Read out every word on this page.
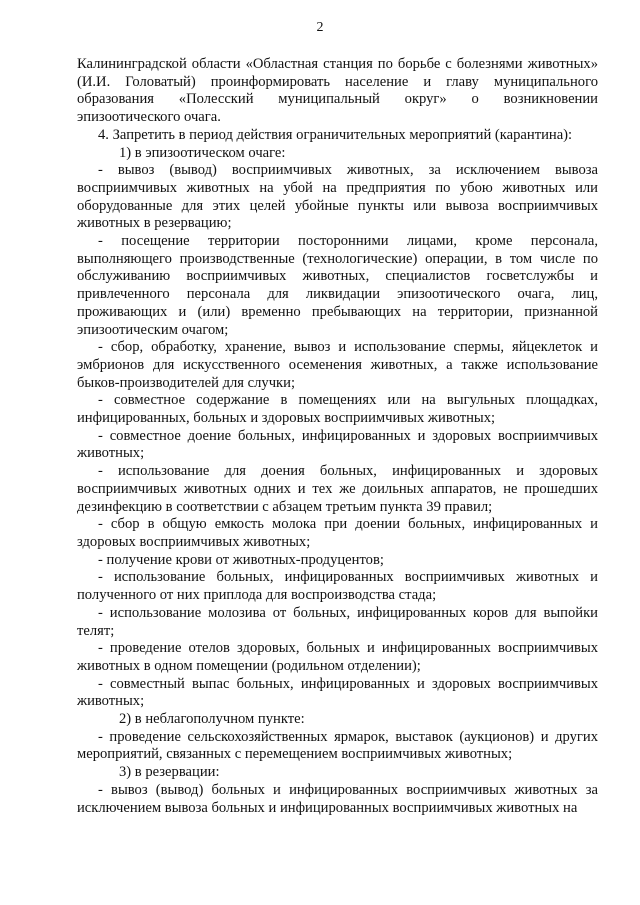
2

Калининградской области «Областная станция по борьбе с болезнями животных» (И.И. Головатый) проинформировать население и главу муниципального образования «Полесский муниципальный округ» о возникновении эпизоотического очага.

4. Запретить в период действия ограничительных мероприятий (карантина):

1) в эпизоотическом очаге:

- вывоз (вывод) восприимчивых животных, за исключением вывоза восприимчивых животных на убой на предприятия по убою животных или оборудованные для этих целей убойные пункты или вывоза восприимчивых животных в резервацию;

- посещение территории посторонними лицами, кроме персонала, выполняющего производственные (технологические) операции, в том числе по обслуживанию восприимчивых животных, специалистов госветслужбы и привлеченного персонала для ликвидации эпизоотического очага, лиц, проживающих и (или) временно пребывающих на территории, признанной эпизоотическим очагом;

- сбор, обработку, хранение, вывоз и использование спермы, яйцеклеток и эмбрионов для искусственного осеменения животных, а также использование быков-производителей для случки;

- совместное содержание в помещениях или на выгульных площадках, инфицированных, больных и здоровых восприимчивых животных;

- совместное доение больных, инфицированных и здоровых восприимчивых животных;

- использование для доения больных, инфицированных и здоровых восприимчивых животных одних и тех же доильных аппаратов, не прошедших дезинфекцию в соответствии с абзацем третьим пункта 39 правил;

- сбор в общую емкость молока при доении больных, инфицированных и здоровых восприимчивых животных;

- получение крови от животных-продуцентов;

- использование больных, инфицированных восприимчивых животных и полученного от них приплода для воспроизводства стада;

- использование молозива от больных, инфицированных коров для выпойки телят;

- проведение отелов здоровых, больных и инфицированных восприимчивых животных в одном помещении (родильном отделении);

- совместный выпас больных, инфицированных и здоровых восприимчивых животных;

2) в неблагополучном пункте:

- проведение сельскохозяйственных ярмарок, выставок (аукционов) и других мероприятий, связанных с перемещением восприимчивых животных;

3) в резервации:

- вывоз (вывод) больных и инфицированных восприимчивых животных за исключением вывоза больных и инфицированных восприимчивых животных на
